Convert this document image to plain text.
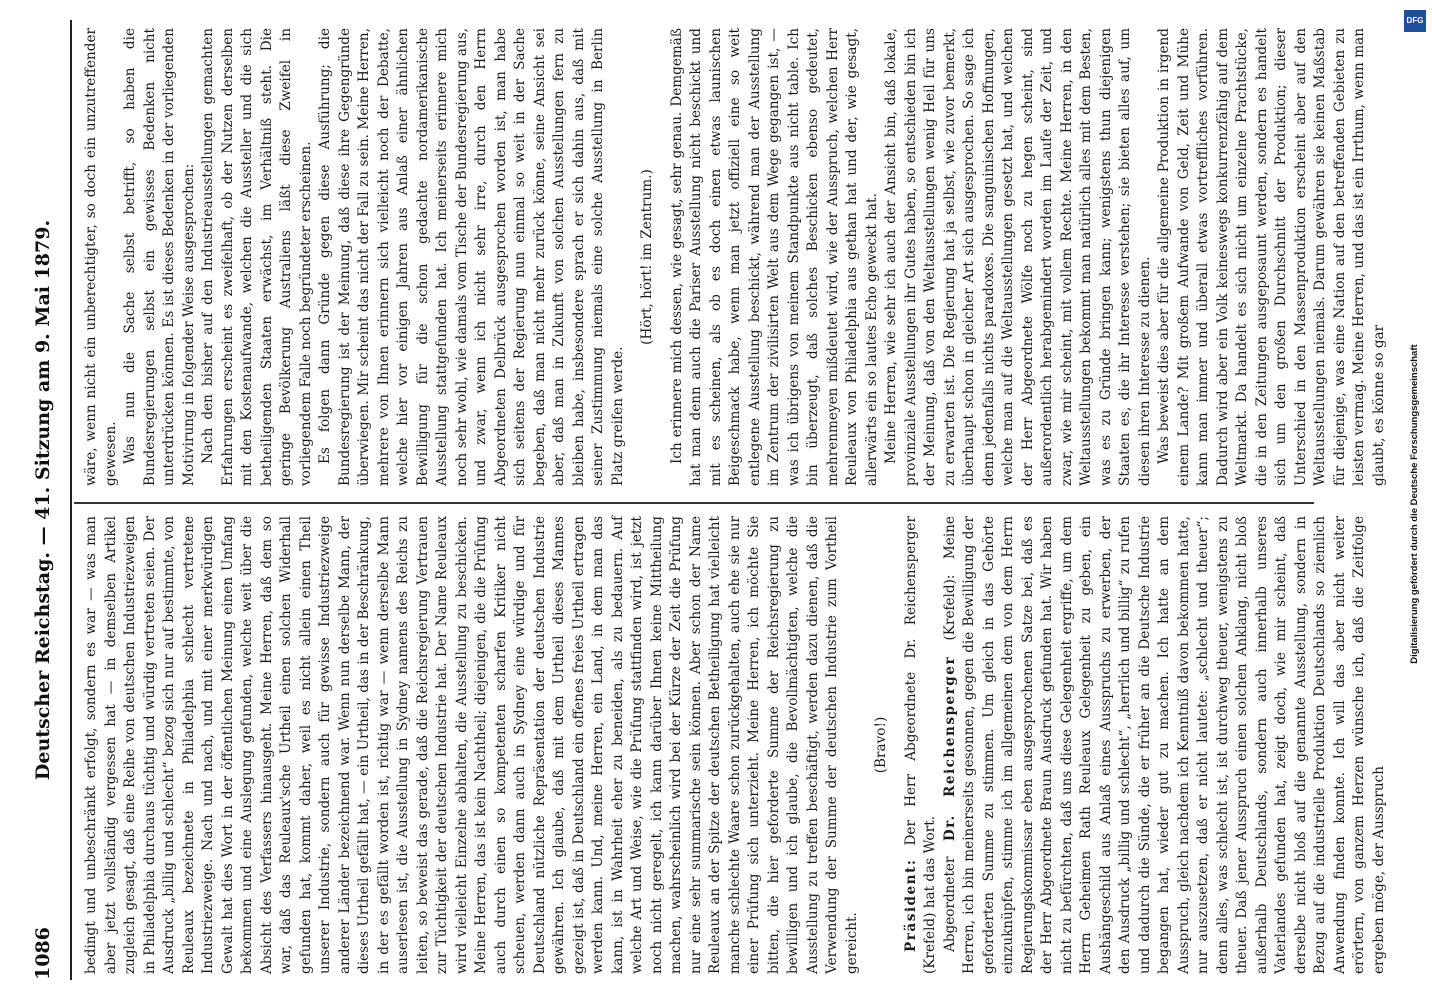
1086
Deutscher Reichstag. — 41. Sitzung am 9. Mai 1879. bedingt und unbeschränkt erfolgt, sondern es war — was man aber jetzt vollständig vergessen hat — in demselben Artikel zugleich gesagt, daß eine Reihe von deutschen Industriezweigen in Philadelphia durchaus tüchtig und würdig vertreten seien. Der Ausdruck „billig und schlecht“ bezog sich nur auf bestimmte, von Reuleaux bezeichnete in Philadelphia schlecht vertretene Industriezweige. Nach und nach, und mit einer merkwürdigen Gewalt hat dies Wort in der öffentlichen Meinung einen Umfang bekommen und eine Auslegung gefunden, welche weit über die Absicht des Verfassers hinausgeht. Meine Herren, daß dem so war, daß das Reuleaux'sche Urtheil einen solchen Widerhall gefunden hat, kommt daher, weil es nicht allein einen Theil unserer Industrie, sondern auch für gewisse Industriezweige anderer Länder bezeichnend war. Wenn nun derselbe Mann, der dieses Urtheil gefällt hat, — ein Urtheil, das in der Beschränkung, in der es gefällt worden ist, richtig war — wenn derselbe Mann auserlesen ist, die Ausstellung in Sydney namens des Reichs zu leiten, so beweist das gerade, daß die Reichsregierung Vertrauen zur Tüchtigkeit der deutschen Industrie hat. Der Name Reuleaux wird vielleicht Einzelne abhalten, die Ausstellung zu beschicken. Meine Herren, das ist kein Nachtheil; diejenigen, die die Prüfung auch durch einen so kompetenten scharfen Kritiker nicht scheuen, werden dann auch in Sydney eine würdige und für Deutschland nützliche Repräsentation der deutschen Industrie gewähren. Ich glaube, daß mit dem Urtheil dieses Mannes gezeigt ist, daß in Deutschland ein offenes freies Urtheil ertragen werden kann. Und, meine Herren, ein Land, in dem man das kann, ist in Wahrheit eher zu beneiden, als zu bedauern. Auf welche Art und Weise, wie die Prüfung stattfinden wird, ist jetzt noch nicht geregelt, ich kann darüber Ihnen keine Mittheilung machen, wahrscheinlich wird bei der Kürze der Zeit die Prüfung nur eine sehr summarische sein können. Aber schon der Name Reuleaux an der Spitze der deutschen Betheiligung hat vielleicht manche schlechte Waare schon zurückgehalten, auch ehe sie nur einer Prüfung sich unterzieht. Meine Herren, ich möchte Sie bitten, die hier geforderte Summe der Reichsregierung zu bewilligen und ich glaube, die Bevollmächtigten, welche die Ausstellung zu treffen beschäftigt, werden dazu dienen, daß die Verwendung der Summe der deutschen Industrie zum Vortheil gereicht.

(Bravo!)

Präsident: Der Herr Abgeordnete Dr. Reichensperger (Krefeld) hat das Wort. Abgeordneter Dr. Reichensperger (Krefeld): Meine Herren, ich bin meinerseits gesonnen, gegen die Bewilligung der geforderten Summe zu stimmen. Um gleich in das Gehörte einzuknüpfen, stimme ich im allgemeinen dem von dem Herrn Regierungskommissar eben ausgesprochenen Satze bei, daß es der Herr Abgeordnete Braun Ausdruck gefunden hat. Wir haben nicht zu befürchten, daß uns diese Gelegenheit ergriffe, um dem Herrn Geheimen Rath Reuleaux Gelegenheit zu geben, ein Aushängeschild aus Anlaß eines Ausspruchs zu erwerben, der den Ausdruck „billig und schlecht“, „herrlich und billig“ zu rufen und dadurch die Sünde, die er früher an die Deutsche Industrie begangen hat, wieder gut zu machen. Ich hatte an dem Ausspruch, gleich nachdem ich Kenntniß davon bekommen hatte, nur auszusetzen, daß er nicht lautete: „schlecht und theuer“; denn alles, was schlecht ist, ist durchweg theuer, wenigstens zu theuer. Daß jener Ausspruch einen solchen Anklang, nicht bloß außerhalb Deutschlands, sondern auch innerhalb unseres Vaterlandes gefunden hat, zeigt doch, wie mir scheint, daß derselbe nicht bloß auf die genannte Ausstellung, sondern in Bezug auf die industrielle Produktion Deutschlands so ziemlich Anwendung finden konnte. Ich will das aber nicht weiter erörtern, von ganzem Herzen wünsche ich, daß die Zeitfolge ergeben möge, der Ausspruch

wäre, wenn nicht ein unberechtigter, so doch ein unzutreffender gewesen. Was nun die Sache selbst betrifft, so haben die Bundesregierungen selbst ein gewisses Bedenken nicht unterdrücken können. Es ist dieses Bedenken in der vorliegenden Motivirung in folgender Weise ausgesprochen: Nach den bisher auf den Industrieausstellungen gemachten Erfahrungen erscheint es zweifelhaft, ob der Nutzen derselben mit den Kostenaufwande, welchen die Aussteller und die sich betheiligenden Staaten erwächst, im Verhältniß steht. Die geringe Bevölkerung Australiens läßt diese Zweifel in vorliegendem Falle noch begründeter erscheinen. Es folgen dann Gründe gegen diese Ausführung; die Bundesregierung ist der Meinung, daß diese ihre Gegengründe überwiegen. Mir scheint das nicht der Fall zu sein. Meine Herren, mehrere von Ihnen erinnern sich vielleicht noch der Debatte, welche hier vor einigen Jahren aus Anlaß einer ähnlichen Bewilligung für die schon gedachte nordamerikanische Ausstellung stattgefunden hat. Ich meinerseits erinnere mich noch sehr wohl, wie damals vom Tische der Bundesregierung aus, und zwar, wenn ich nicht sehr irre, durch den Herrn Abgeordneten Delbrück ausgesprochen worden ist, man habe sich seitens der Regierung nun einmal so weit in der Sache begeben, daß man nicht mehr zurück könne, seine Ansicht sei aber, daß man in Zukunft von solchen Ausstellungen fern zu bleiben habe, insbesondere sprach er sich dahin aus, daß mit seiner Zustimmung niemals eine solche Ausstellung in Berlin Platz greifen werde.

(Hört, hört! im Zentrum.) Ich erinnere mich dessen, wie gesagt, sehr genau. Demgemäß hat man denn auch die Pariser Ausstellung nicht beschickt und mit es scheinen, als ob es doch einen etwas launischen Beigeschmack habe, wenn man jetzt offiziell eine so weit entlegene Ausstellung beschickt, während man der Ausstellung im Zentrum der zivilisirten Welt aus dem Wege gegangen ist, — was ich übrigens von meinem Standpunkte aus nicht table. Ich bin überzeugt, daß solches Beschicken ebenso gedeutet, mehrenmeyen mißdeutet wird, wie der Ausspruch, welchen Herr Reuleaux von Philadelphia aus gethan hat und der, wie gesagt, allerwärts ein so lautes Echo geweckt hat. Meine Herren, wie sehr ich auch der Ansicht bin, daß lokale, provinziale Ausstellungen ihr Gutes haben, so entschieden bin ich der Meinung, daß von den Weltausstellungen wenig Heil für uns zu erwarten ist. Die Regierung hat ja selbst, wie zuvor bemerkt, überhaupt schon in gleicher Art sich ausgesprochen. So sage ich denn jedenfalls nichts paradoxes. Die sanguinischen Hoffnungen, welche man auf die Weltausstellungen gesetzt hat, und welchen der Herr Abgeordnete Wölfe noch zu hegen scheint, sind außerordentlich herabgemindert worden im Laufe der Zeit, und zwar, wie mir scheint, mit vollem Rechte. Meine Herren, in den Weltausstellungen bekommt man natürlich alles mit dem Besten, was es zu Gründe bringen kann; wenigstens thun diejenigen Staaten es, die ihr Interesse verstehen; sie bieten alles auf, um diesen ihren Interesse zu dienen. Was beweist dies aber für die allgemeine Produktion in irgend einem Lande? Mit großem Aufwande von Geld, Zeit und Mühe kann man immer und überall etwas vortreffliches vorführen. Dadurch wird aber ein Volk keineswegs konkurrenzfähig auf dem Weltmarkt. Da handelt es sich nicht um einzelne Prachtstücke, die in den Zeitungen ausgeposaunt werden, sondern es handelt sich um den großen Durchschnitt der Produktion; dieser Unterschied in den Massenproduktion erscheint aber auf den Weltausstellungen niemals. Darum gewähren sie keinen Maßstab für diejenige, was eine Nation auf den betreffenden Gebieten zu leisten vermag. Meine Herren, und das ist ein Irrthum, wenn man glaubt, es könne so gar

DFG
Digitalisierung gefördert durch die Deutsche Forschungsgemeinschaft
